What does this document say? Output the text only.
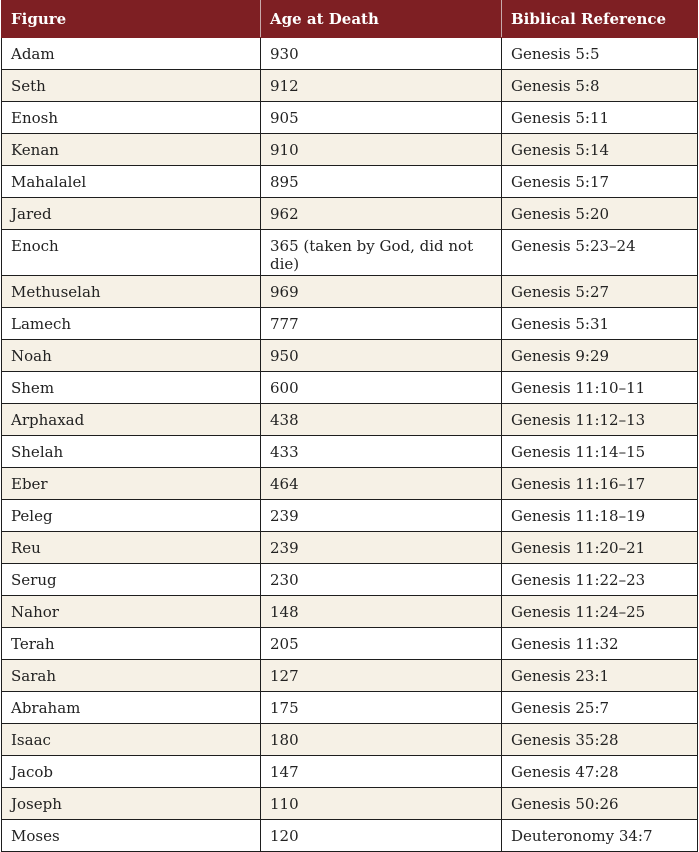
Figure	Age at Death	Biblical Reference
Adam	930	Genesis 5:5
Seth	912	Genesis 5:8
Enosh	905	Genesis 5:11
Kenan	910	Genesis 5:14
Mahalalel	895	Genesis 5:17
Jared	962	Genesis 5:20
Enoch	365 (taken by God, did not die)	Genesis 5:23–24
Methuselah	969	Genesis 5:27
Lamech	777	Genesis 5:31
Noah	950	Genesis 9:29
Shem	600	Genesis 11:10–11
Arphaxad	438	Genesis 11:12–13
Shelah	433	Genesis 11:14–15
Eber	464	Genesis 11:16–17
Peleg	239	Genesis 11:18–19
Reu	239	Genesis 11:20–21
Serug	230	Genesis 11:22–23
Nahor	148	Genesis 11:24–25
Terah	205	Genesis 11:32
Sarah	127	Genesis 23:1
Abraham	175	Genesis 25:7
Isaac	180	Genesis 35:28
Jacob	147	Genesis 47:28
Joseph	110	Genesis 50:26
Moses	120	Deuteronomy 34:7
